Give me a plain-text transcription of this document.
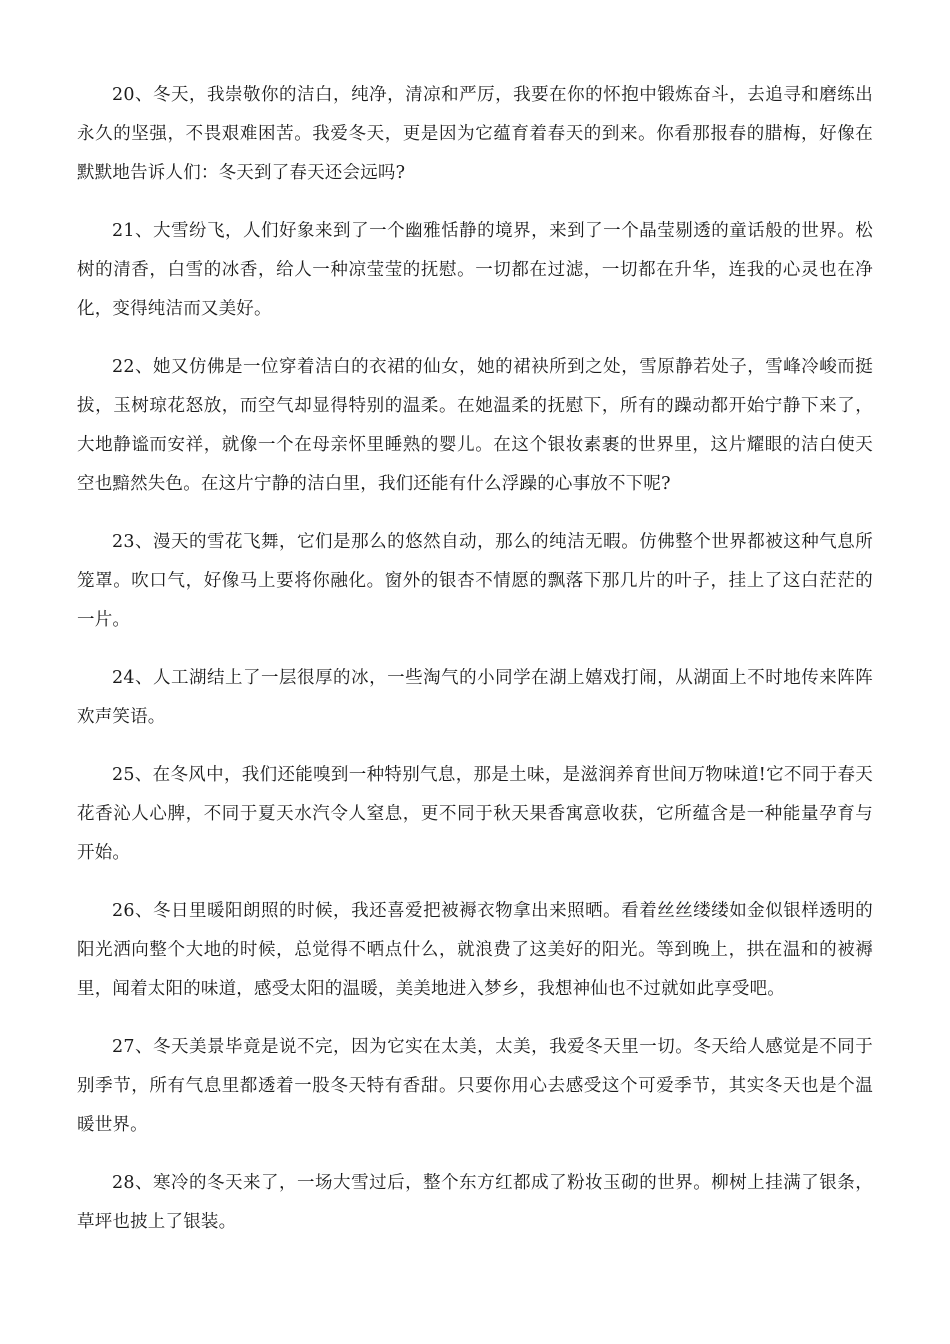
20、冬天，我崇敬你的洁白，纯净，清凉和严厉，我要在你的怀抱中锻炼奋斗，去追寻和磨练出永久的坚强，不畏艰难困苦。我爱冬天，更是因为它蕴育着春天的到来。你看那报春的腊梅，好像在默默地告诉人们：冬天到了春天还会远吗?

21、大雪纷飞，人们好象来到了一个幽雅恬静的境界，来到了一个晶莹剔透的童话般的世界。松树的清香，白雪的冰香，给人一种凉莹莹的抚慰。一切都在过滤，一切都在升华，连我的心灵也在净化，变得纯洁而又美好。

22、她又仿佛是一位穿着洁白的衣裙的仙女，她的裙袂所到之处，雪原静若处子，雪峰冷峻而挺拔，玉树琼花怒放，而空气却显得特别的温柔。在她温柔的抚慰下，所有的躁动都开始宁静下来了，大地静谧而安祥，就像一个在母亲怀里睡熟的婴儿。在这个银妆素裹的世界里，这片耀眼的洁白使天空也黯然失色。在这片宁静的洁白里，我们还能有什么浮躁的心事放不下呢?

23、漫天的雪花飞舞，它们是那么的悠然自动，那么的纯洁无暇。仿佛整个世界都被这种气息所笼罩。吹口气，好像马上要将你融化。窗外的银杏不情愿的飘落下那几片的叶子，挂上了这白茫茫的一片。

24、人工湖结上了一层很厚的冰，一些淘气的小同学在湖上嬉戏打闹，从湖面上不时地传来阵阵欢声笑语。

25、在冬风中，我们还能嗅到一种特别气息，那是土味，是滋润养育世间万物味道!它不同于春天花香沁人心脾，不同于夏天水汽令人窒息，更不同于秋天果香寓意收获，它所蕴含是一种能量孕育与开始。

26、冬日里暖阳朗照的时候，我还喜爱把被褥衣物拿出来照晒。看着丝丝缕缕如金似银样透明的阳光洒向整个大地的时候，总觉得不晒点什么，就浪费了这美好的阳光。等到晚上，拱在温和的被褥里，闻着太阳的味道，感受太阳的温暖，美美地进入梦乡，我想神仙也不过就如此享受吧。

27、冬天美景毕竟是说不完，因为它实在太美，太美，我爱冬天里一切。冬天给人感觉是不同于别季节，所有气息里都透着一股冬天特有香甜。只要你用心去感受这个可爱季节，其实冬天也是个温暖世界。

28、寒冷的冬天来了，一场大雪过后，整个东方红都成了粉妆玉砌的世界。柳树上挂满了银条，草坪也披上了银装。
